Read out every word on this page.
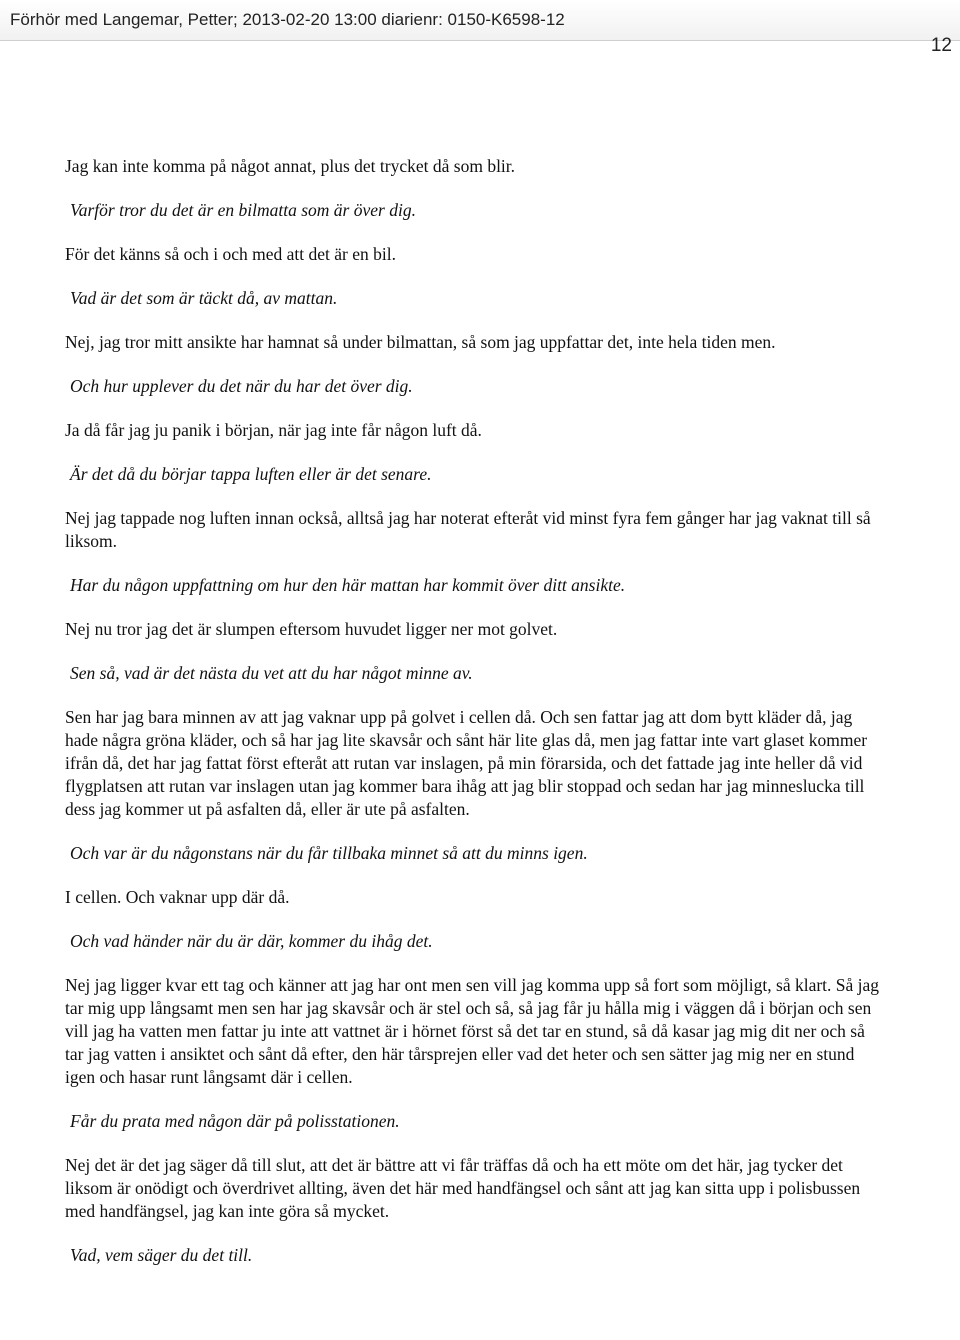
Förhör med Langemar, Petter; 2013-02-20 13:00 diarienr: 0150-K6598-12
12

Jag kan inte komma på något annat, plus det trycket då som blir.

Varför tror du det är en bilmatta som är över dig.

För det känns så och i och med att det är en bil.

Vad är det som är täckt då, av mattan.

Nej, jag tror mitt ansikte har hamnat så under bilmattan, så som jag uppfattar det, inte hela tiden men.

Och hur upplever du det när du har det över dig.

Ja då får jag ju panik i början, när jag inte får någon luft då.

Är det då du börjar tappa luften eller är det senare.

Nej jag tappade nog luften innan också, alltså jag har noterat efteråt vid minst fyra fem gånger har jag vaknat till så liksom.

Har du någon uppfattning om hur den här mattan har kommit över ditt ansikte.

Nej nu tror jag det är slumpen eftersom huvudet ligger ner mot golvet.

Sen så, vad är det nästa du vet att du har något minne av.

Sen har jag bara minnen av att jag vaknar upp på golvet i cellen då. Och sen fattar jag att dom bytt kläder då, jag hade några gröna kläder, och så har jag lite skavsår och sånt här lite glas då, men jag fattar inte vart glaset kommer ifrån då, det har jag fattat först efteråt att rutan var inslagen, på min förarsida, och det fattade jag inte heller då vid flygplatsen att rutan var inslagen utan jag kommer bara ihåg att jag blir stoppad och sedan har jag minneslucka till dess jag kommer ut på asfalten då, eller är ute på asfalten.

Och var är du någonstans när du får tillbaka minnet så att du minns igen.

I cellen. Och vaknar upp där då.

Och vad händer när du är där, kommer du ihåg det.

Nej jag ligger kvar ett tag och känner att jag har ont men sen vill jag komma upp så fort som möjligt, så klart. Så jag tar mig upp långsamt men sen har jag skavsår och är stel och så, så jag får ju hålla mig i väggen då i början och sen vill jag ha vatten men fattar ju inte att vattnet är i hörnet först så det tar en stund, så då kasar jag mig dit ner och så tar jag vatten i ansiktet och sånt då efter, den här tårsprejen eller vad det heter och sen sätter jag mig ner en stund igen och hasar runt långsamt där i cellen.

Får du prata med någon där på polisstationen.

Nej det är det jag säger då till slut, att det är bättre att vi får träffas då och ha ett möte om det här, jag tycker det liksom är onödigt och överdrivet allting, även det här med handfängsel och sånt att jag kan sitta upp i polisbussen med handfängsel, jag kan inte göra så mycket.

Vad, vem säger du det till.
